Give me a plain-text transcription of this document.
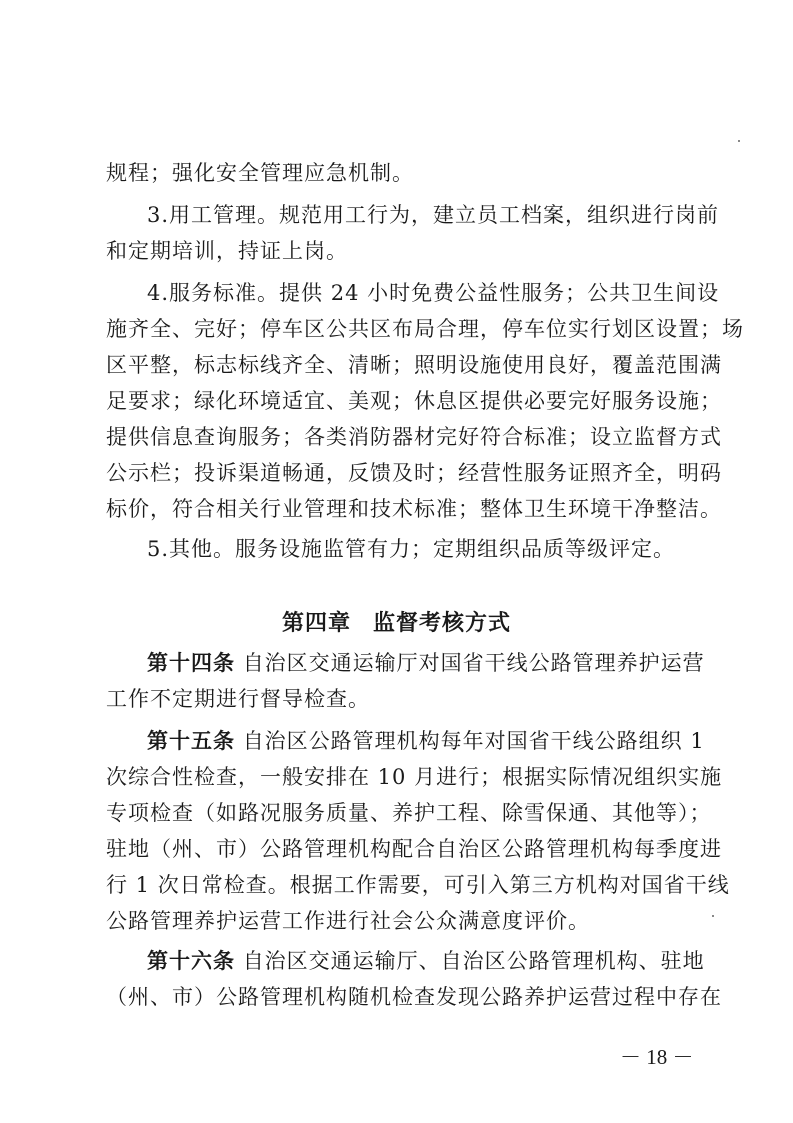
规程；强化安全管理应急机制。
3.用工管理。规范用工行为，建立员工档案，组织进行岗前
和定期培训，持证上岗。
4.服务标准。提供 24 小时免费公益性服务；公共卫生间设
施齐全、完好；停车区公共区布局合理，停车位实行划区设置；场
区平整，标志标线齐全、清晰；照明设施使用良好，覆盖范围满
足要求；绿化环境适宜、美观；休息区提供必要完好服务设施；
提供信息查询服务；各类消防器材完好符合标准；设立监督方式
公示栏；投诉渠道畅通，反馈及时；经营性服务证照齐全，明码
标价，符合相关行业管理和技术标准；整体卫生环境干净整洁。
5.其他。服务设施监管有力；定期组织品质等级评定。
第四章 监督考核方式
第十四条 自治区交通运输厅对国省干线公路管理养护运营
工作不定期进行督导检查。
第十五条 自治区公路管理机构每年对国省干线公路组织 1
次综合性检查，一般安排在 10 月进行；根据实际情况组织实施
专项检查（如路况服务质量、养护工程、除雪保通、其他等）；
驻地（州、市）公路管理机构配合自治区公路管理机构每季度进
行 1 次日常检查。根据工作需要，可引入第三方机构对国省干线
公路管理养护运营工作进行社会公众满意度评价。
第十六条 自治区交通运输厅、自治区公路管理机构、驻地
（州、市）公路管理机构随机检查发现公路养护运营过程中存在
－ 18 －
